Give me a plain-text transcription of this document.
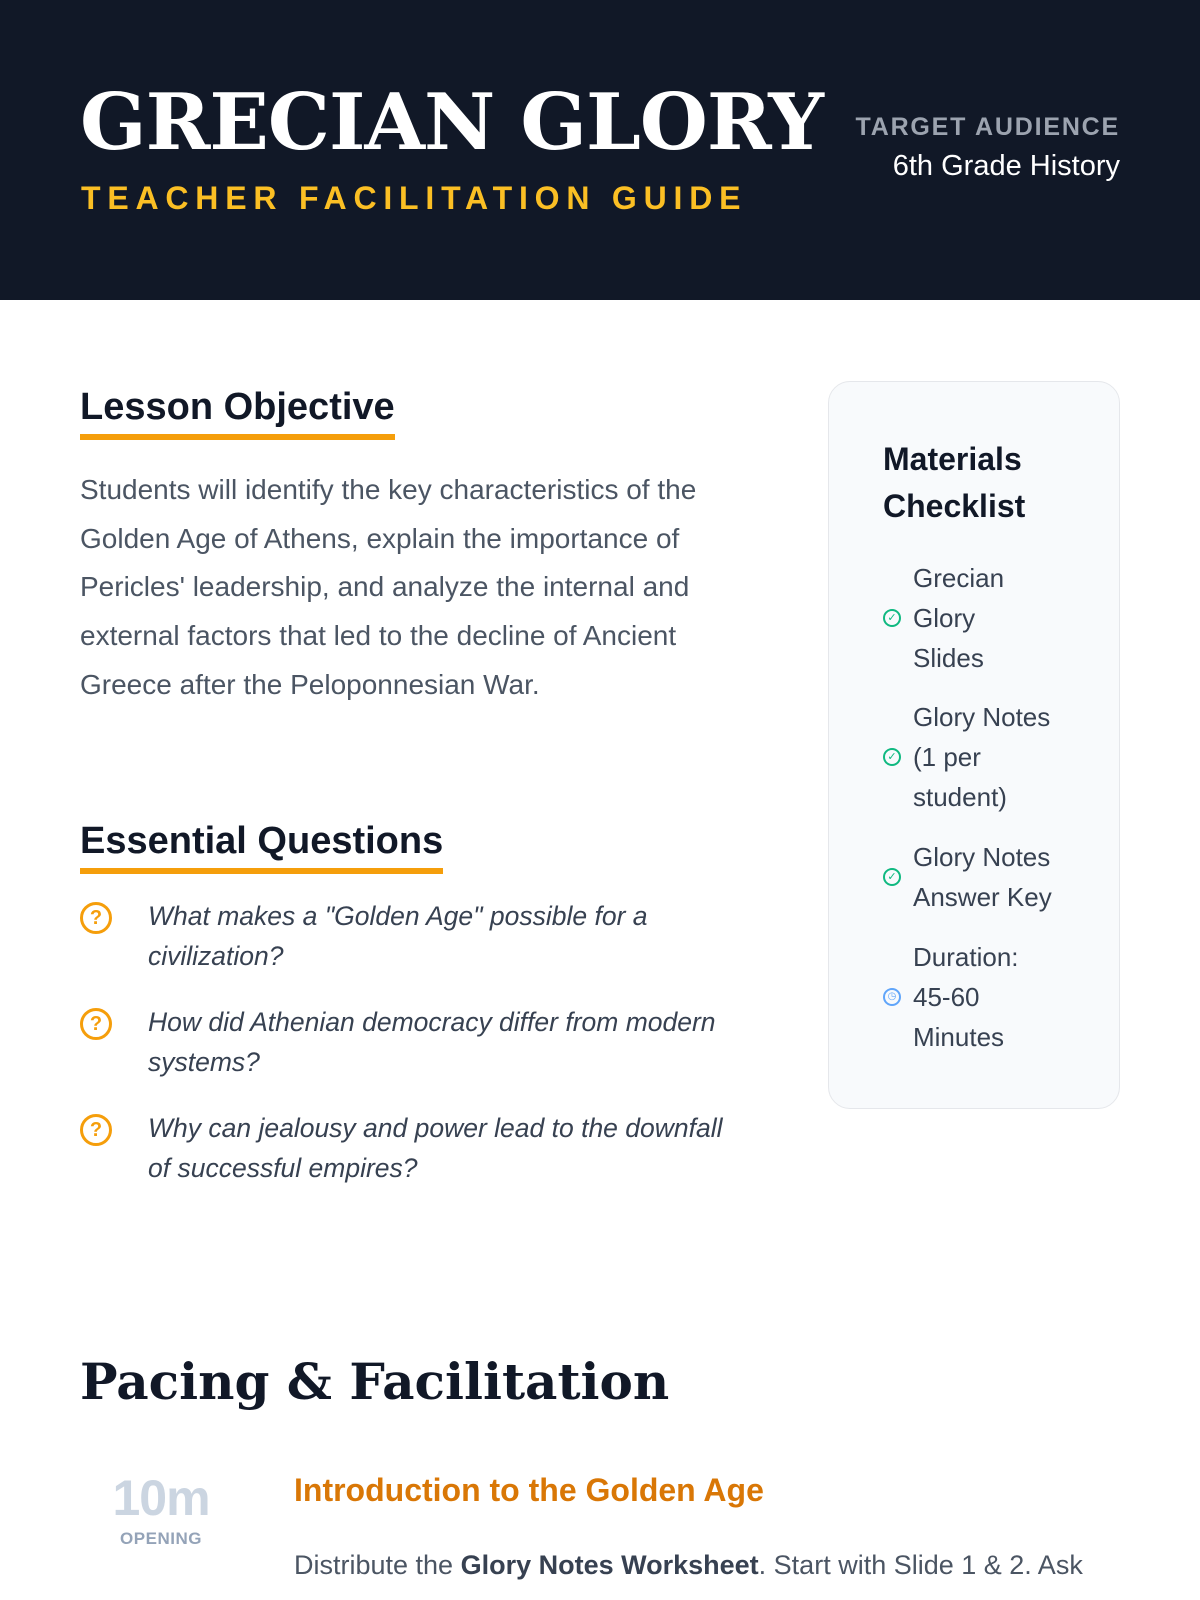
GRECIAN GLORY
TEACHER FACILITATION GUIDE
TARGET AUDIENCE
6th Grade History
Lesson Objective

Students will identify the key characteristics of the Golden Age of Athens, explain the importance of Pericles' leadership, and analyze the internal and external factors that led to the decline of Ancient Greece after the Peloponnesian War.

Essential Questions
?	What makes a "Golden Age" possible for a civilization?
?	How did Athenian democracy differ from modern systems?
?	Why can jealousy and power lead to the downfall of successful empires?
Materials Checklist
✓
Grecian Glory Slides
✓
Glory Notes (1 per student)
✓
Glory Notes Answer Key
◷
Duration: 45-60 Minutes
Pacing & Facilitation
10m
OPENING
Introduction to the Golden Age

Distribute the Glory Notes Worksheet. Start with Slide 1 & 2. Ask
